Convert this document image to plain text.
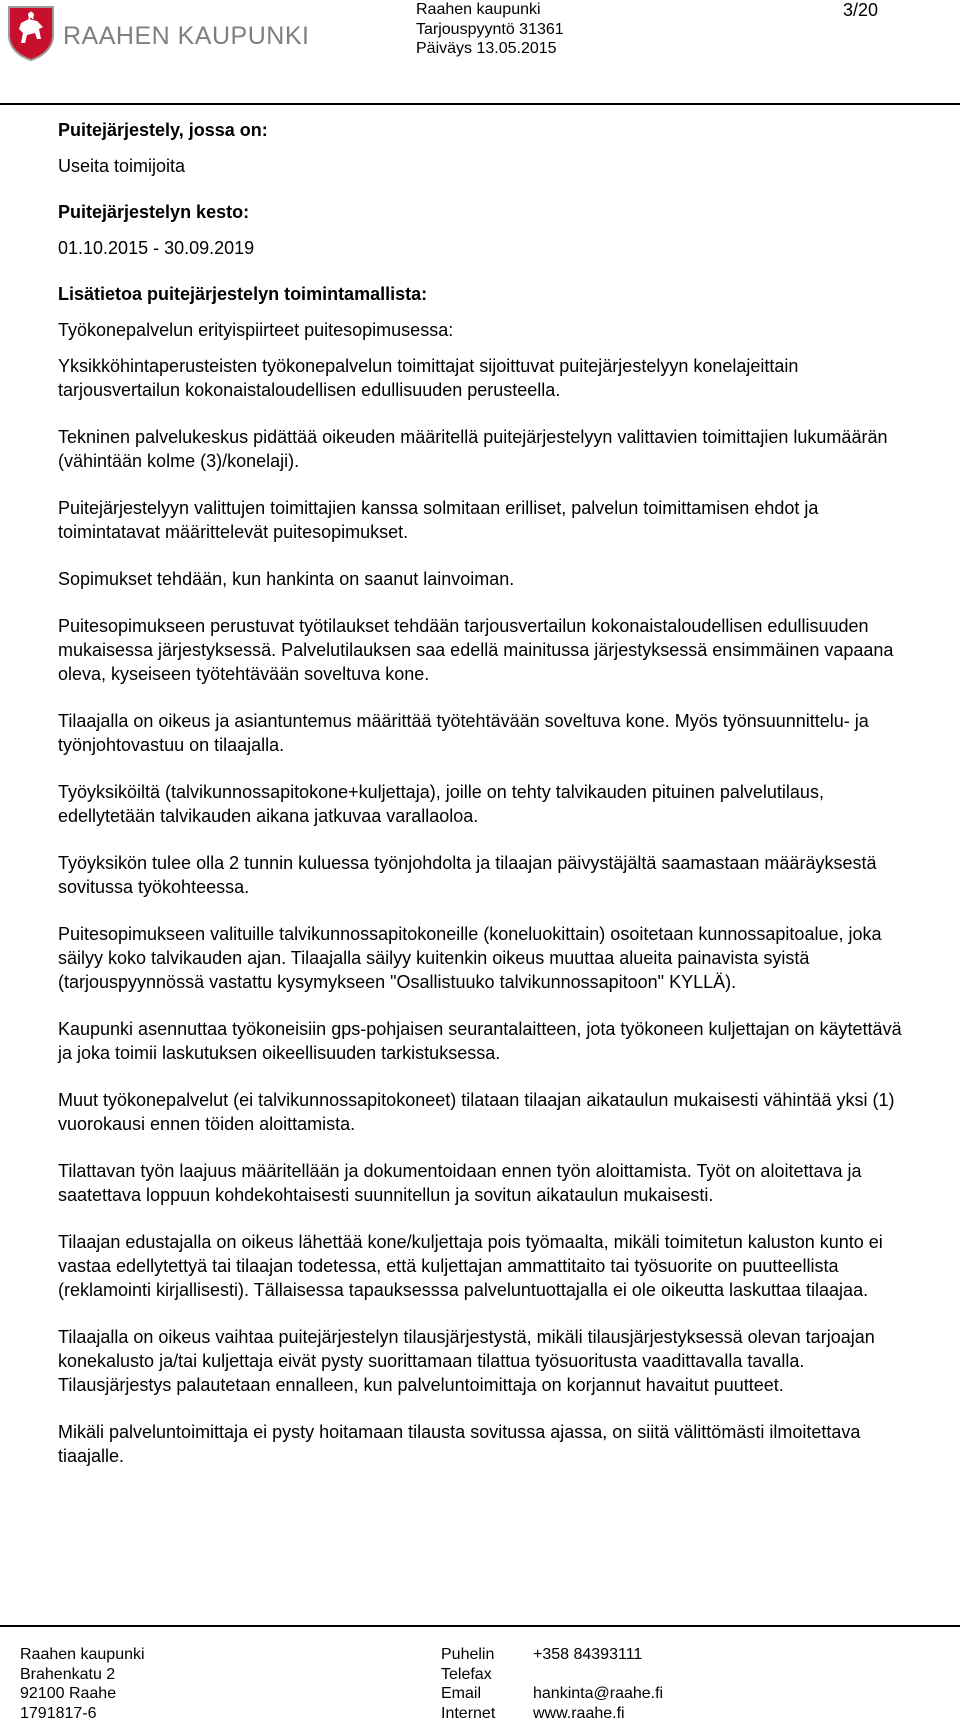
RAAHEN KAUPUNKI
Raahen kaupunki
Tarjouspyyntö 31361
Päiväys 13.05.2015
3/20

Puitejärjestely, jossa on:

Useita toimijoita

Puitejärjestelyn kesto:

01.10.2015 - 30.09.2019

Lisätietoa puitejärjestelyn toimintamallista:

Työkonepalvelun erityispiirteet puitesopimusessa:

Yksikköhintaperusteisten työkonepalvelun toimittajat sijoittuvat puitejärjestelyyn konelajeittain tarjousvertailun kokonaistaloudellisen edullisuuden perusteella.

Tekninen palvelukeskus pidättää oikeuden määritellä puitejärjestelyyn valittavien toimittajien lukumäärän (vähintään kolme (3)/konelaji).

Puitejärjestelyyn valittujen toimittajien kanssa solmitaan erilliset, palvelun toimittamisen ehdot ja toimintatavat määrittelevät puitesopimukset.

Sopimukset tehdään, kun hankinta on saanut lainvoiman.

Puitesopimukseen perustuvat työtilaukset tehdään tarjousvertailun kokonaistaloudellisen edullisuuden mukaisessa järjestyksessä. Palvelutilauksen saa edellä mainitussa järjestyksessä ensimmäinen vapaana oleva, kyseiseen työtehtävään soveltuva kone.

Tilaajalla on oikeus ja asiantuntemus määrittää työtehtävään soveltuva kone. Myös työnsuunnittelu- ja työnjohtovastuu on tilaajalla.

Työyksiköiltä (talvikunnossapitokone+kuljettaja), joille on tehty talvikauden pituinen palvelutilaus, edellytetään talvikauden aikana jatkuvaa varallaoloa.

Työyksikön tulee olla 2 tunnin kuluessa työnjohdolta ja tilaajan päivystäjältä saamastaan määräyksestä sovitussa työkohteessa.

Puitesopimukseen valituille talvikunnossapitokoneille (koneluokittain) osoitetaan kunnossapitoalue, joka säilyy koko talvikauden ajan. Tilaajalla säilyy kuitenkin oikeus muuttaa alueita painavista syistä (tarjouspyynnössä vastattu kysymykseen "Osallistuuko talvikunnossapitoon" KYLLÄ).

Kaupunki asennuttaa työkoneisiin gps-pohjaisen seurantalaitteen, jota työkoneen kuljettajan on käytettävä ja joka toimii laskutuksen oikeellisuuden tarkistuksessa.

Muut työkonepalvelut (ei talvikunnossapitokoneet) tilataan tilaajan aikataulun mukaisesti vähintää yksi (1) vuorokausi ennen töiden aloittamista.

Tilattavan työn laajuus määritellään ja dokumentoidaan ennen työn aloittamista. Työt on aloitettava ja saatettava loppuun kohdekohtaisesti suunnitellun ja sovitun aikataulun mukaisesti.

Tilaajan edustajalla on oikeus lähettää kone/kuljettaja pois työmaalta, mikäli toimitetun kaluston kunto ei vastaa edellytettyä tai tilaajan todetessa, että kuljettajan ammattitaito tai työsuorite on puutteellista (reklamointi kirjallisesti). Tällaisessa tapauksesssa palveluntuottajalla ei ole oikeutta laskuttaa tilaajaa.

Tilaajalla on oikeus vaihtaa puitejärjestelyn tilausjärjestystä, mikäli tilausjärjestyksessä olevan tarjoajan konekalusto ja/tai kuljettaja eivät pysty suorittamaan tilattua työsuoritusta vaadittavalla tavalla. Tilausjärjestys palautetaan ennalleen, kun palveluntoimittaja on korjannut havaitut puutteet.

Mikäli palveluntoimittaja ei pysty hoitamaan tilausta sovitussa ajassa, on siitä välittömästi ilmoitettava tiaajalle.

Raahen kaupunki
Brahenkatu 2
92100 Raahe
1791817-6
Puhelin
Telefax
Email
Internet
+358 84393111
hankinta@raahe.fi
www.raahe.fi
